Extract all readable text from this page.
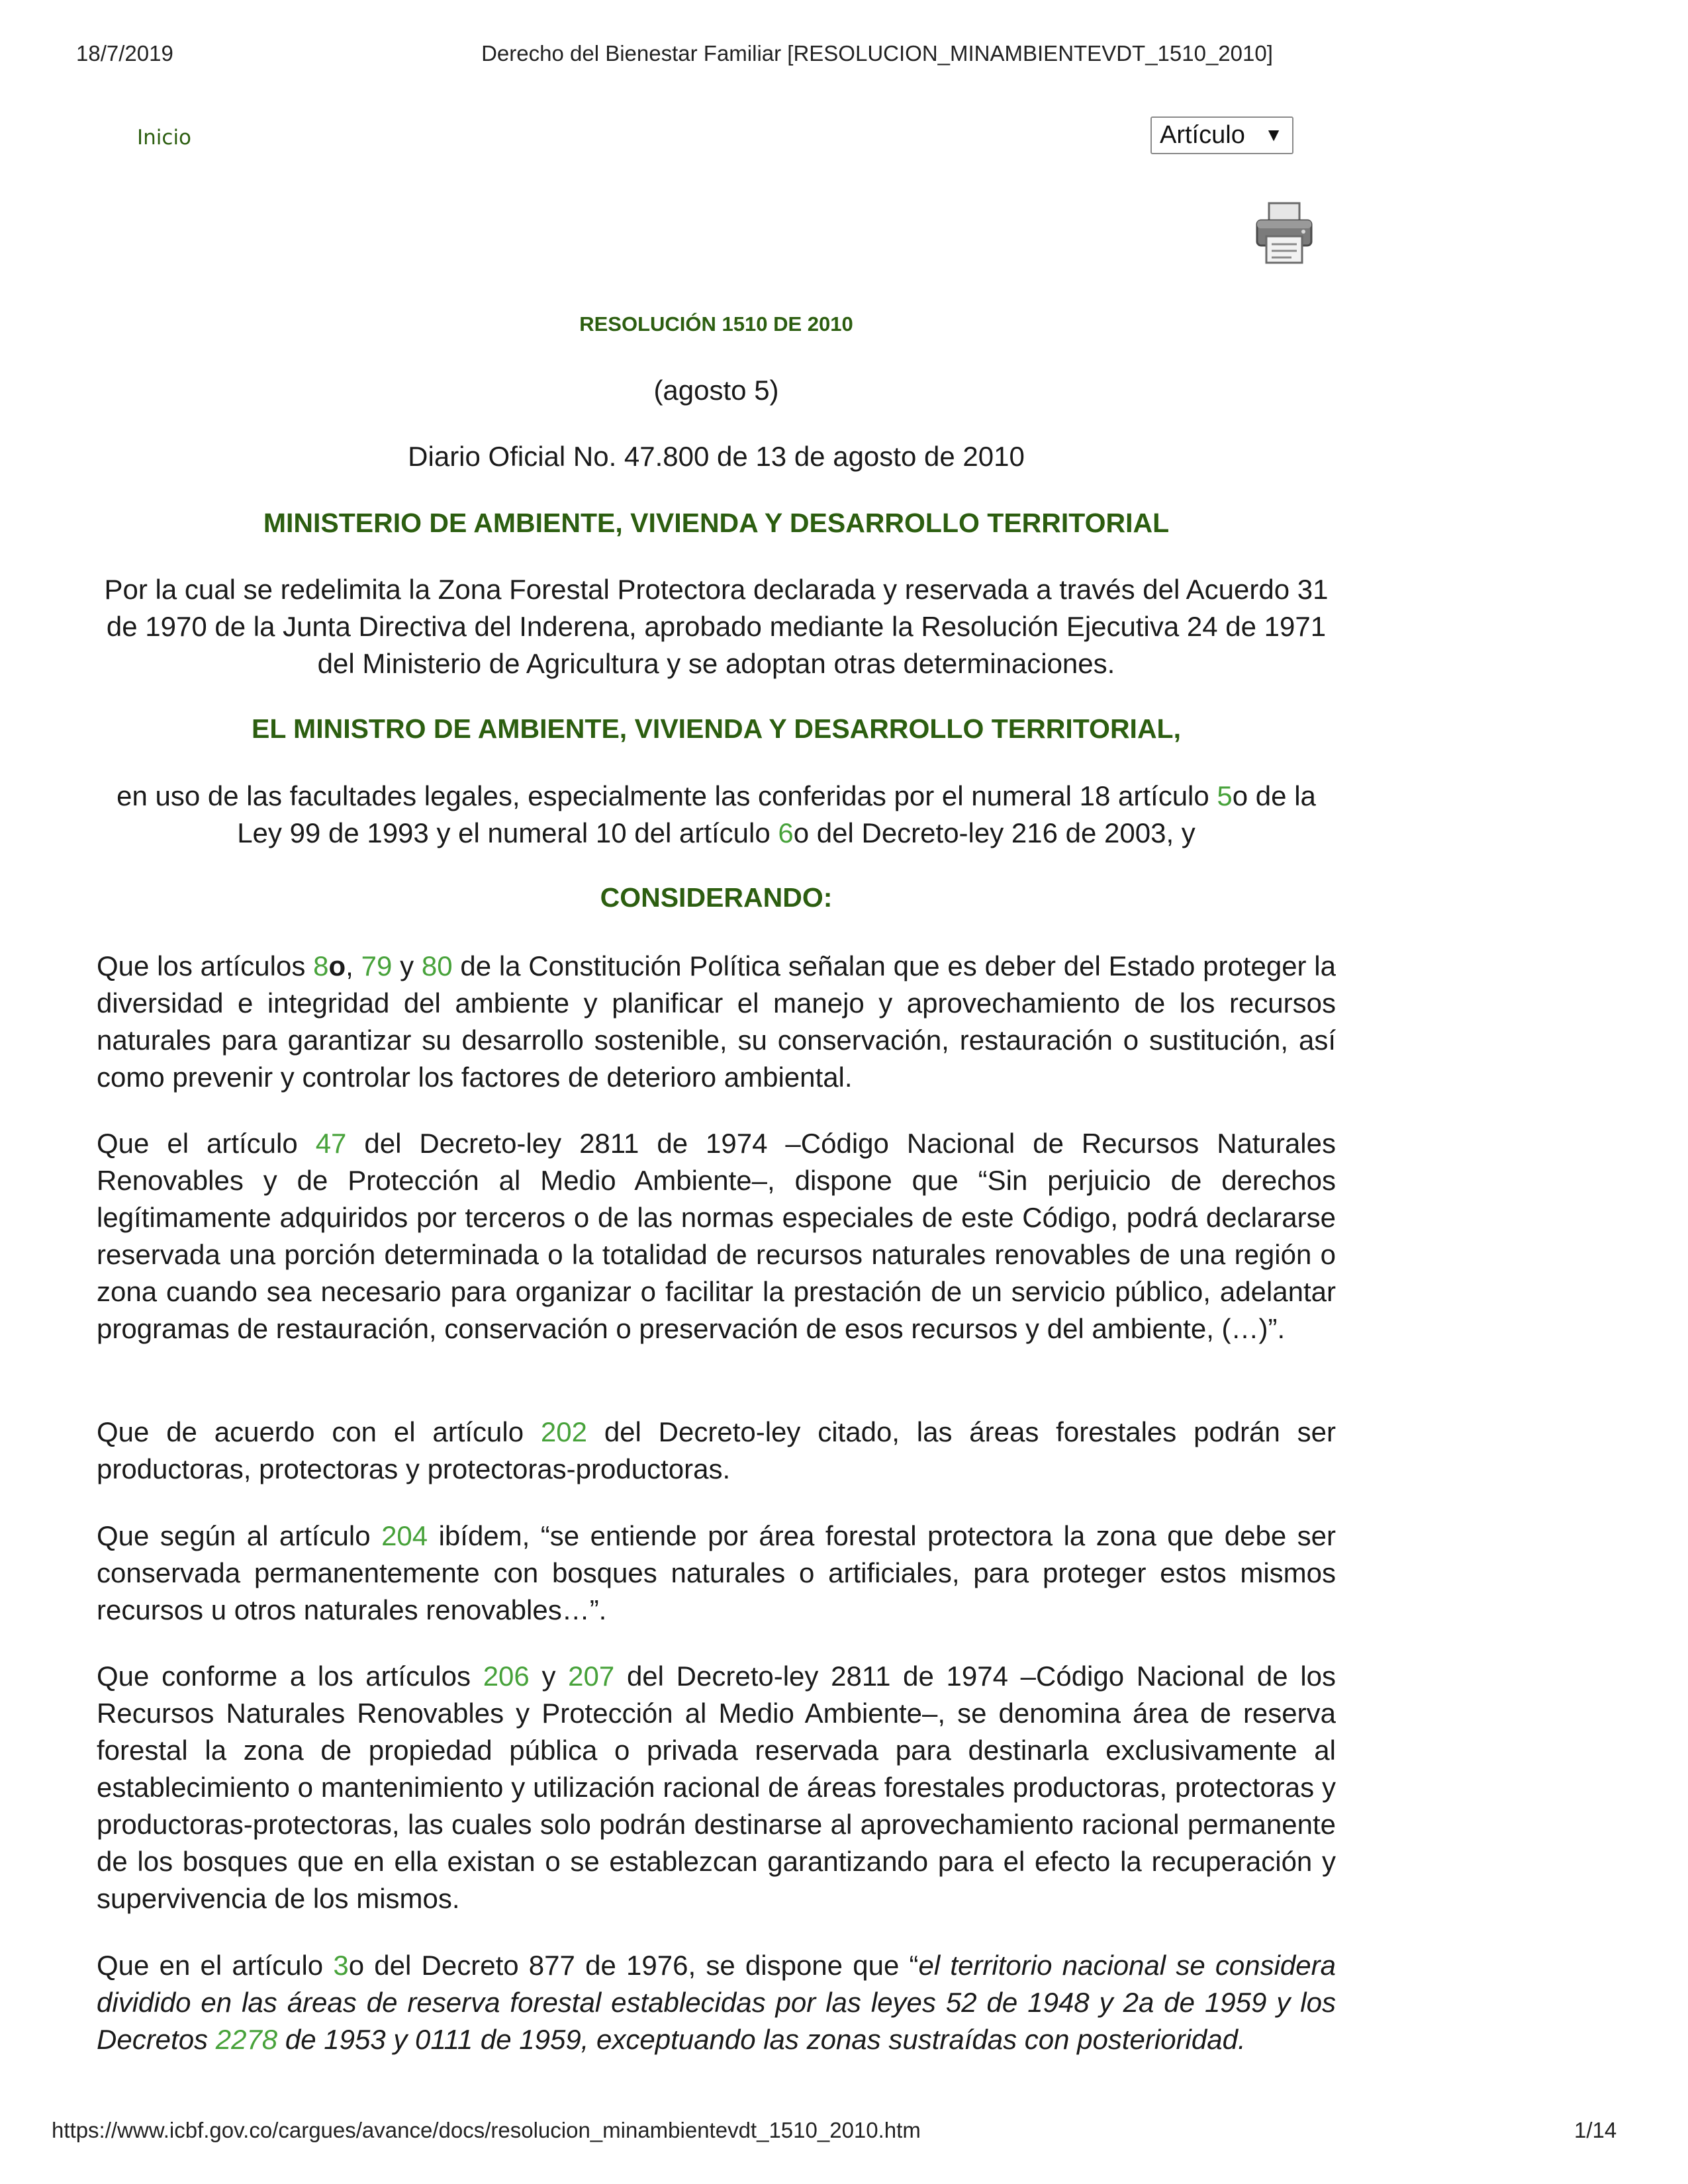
18/7/2019	Derecho del Bienestar Familiar [RESOLUCION_MINAMBIENTEVDT_1510_2010]
Inicio	Artículo ▼
RESOLUCIÓN 1510 DE 2010
(agosto 5)
Diario Oficial No. 47.800 de 13 de agosto de 2010
MINISTERIO DE AMBIENTE, VIVIENDA Y DESARROLLO TERRITORIAL
Por la cual se redelimita la Zona Forestal Protectora declarada y reservada a través del Acuerdo 31 de 1970 de la Junta Directiva del Inderena, aprobado mediante la Resolución Ejecutiva 24 de 1971 del Ministerio de Agricultura y se adoptan otras determinaciones.
EL MINISTRO DE AMBIENTE, VIVIENDA Y DESARROLLO TERRITORIAL,
en uso de las facultades legales, especialmente las conferidas por el numeral 18 artículo 5o de la Ley 99 de 1993 y el numeral 10 del artículo 6o del Decreto-ley 216 de 2003, y
CONSIDERANDO:
Que los artículos 8o, 79 y 80 de la Constitución Política señalan que es deber del Estado proteger la diversidad e integridad del ambiente y planificar el manejo y aprovechamiento de los recursos naturales para garantizar su desarrollo sostenible, su conservación, restauración o sustitución, así como prevenir y controlar los factores de deterioro ambiental.
Que el artículo 47 del Decreto-ley 2811 de 1974 –Código Nacional de Recursos Naturales Renovables y de Protección al Medio Ambiente–, dispone que “Sin perjuicio de derechos legítimamente adquiridos por terceros o de las normas especiales de este Código, podrá declararse reservada una porción determinada o la totalidad de recursos naturales renovables de una región o zona cuando sea necesario para organizar o facilitar la prestación de un servicio público, adelantar programas de restauración, conservación o preservación de esos recursos y del ambiente, (…)”.
Que de acuerdo con el artículo 202 del Decreto-ley citado, las áreas forestales podrán ser productoras, protectoras y protectoras-productoras.
Que según al artículo 204 ibídem, “se entiende por área forestal protectora la zona que debe ser conservada permanentemente con bosques naturales o artificiales, para proteger estos mismos recursos u otros naturales renovables…”.
Que conforme a los artículos 206 y 207 del Decreto-ley 2811 de 1974 –Código Nacional de los Recursos Naturales Renovables y Protección al Medio Ambiente–, se denomina área de reserva forestal la zona de propiedad pública o privada reservada para destinarla exclusivamente al establecimiento o mantenimiento y utilización racional de áreas forestales productoras, protectoras y productoras-protectoras, las cuales solo podrán destinarse al aprovechamiento racional permanente de los bosques que en ella existan o se establezcan garantizando para el efecto la recuperación y supervivencia de los mismos.
Que en el artículo 3o del Decreto 877 de 1976, se dispone que “el territorio nacional se considera dividido en las áreas de reserva forestal establecidas por las leyes 52 de 1948 y 2a de 1959 y los Decretos 2278 de 1953 y 0111 de 1959, exceptuando las zonas sustraídas con posterioridad.
https://www.icbf.gov.co/cargues/avance/docs/resolucion_minambientevdt_1510_2010.htm	1/14
